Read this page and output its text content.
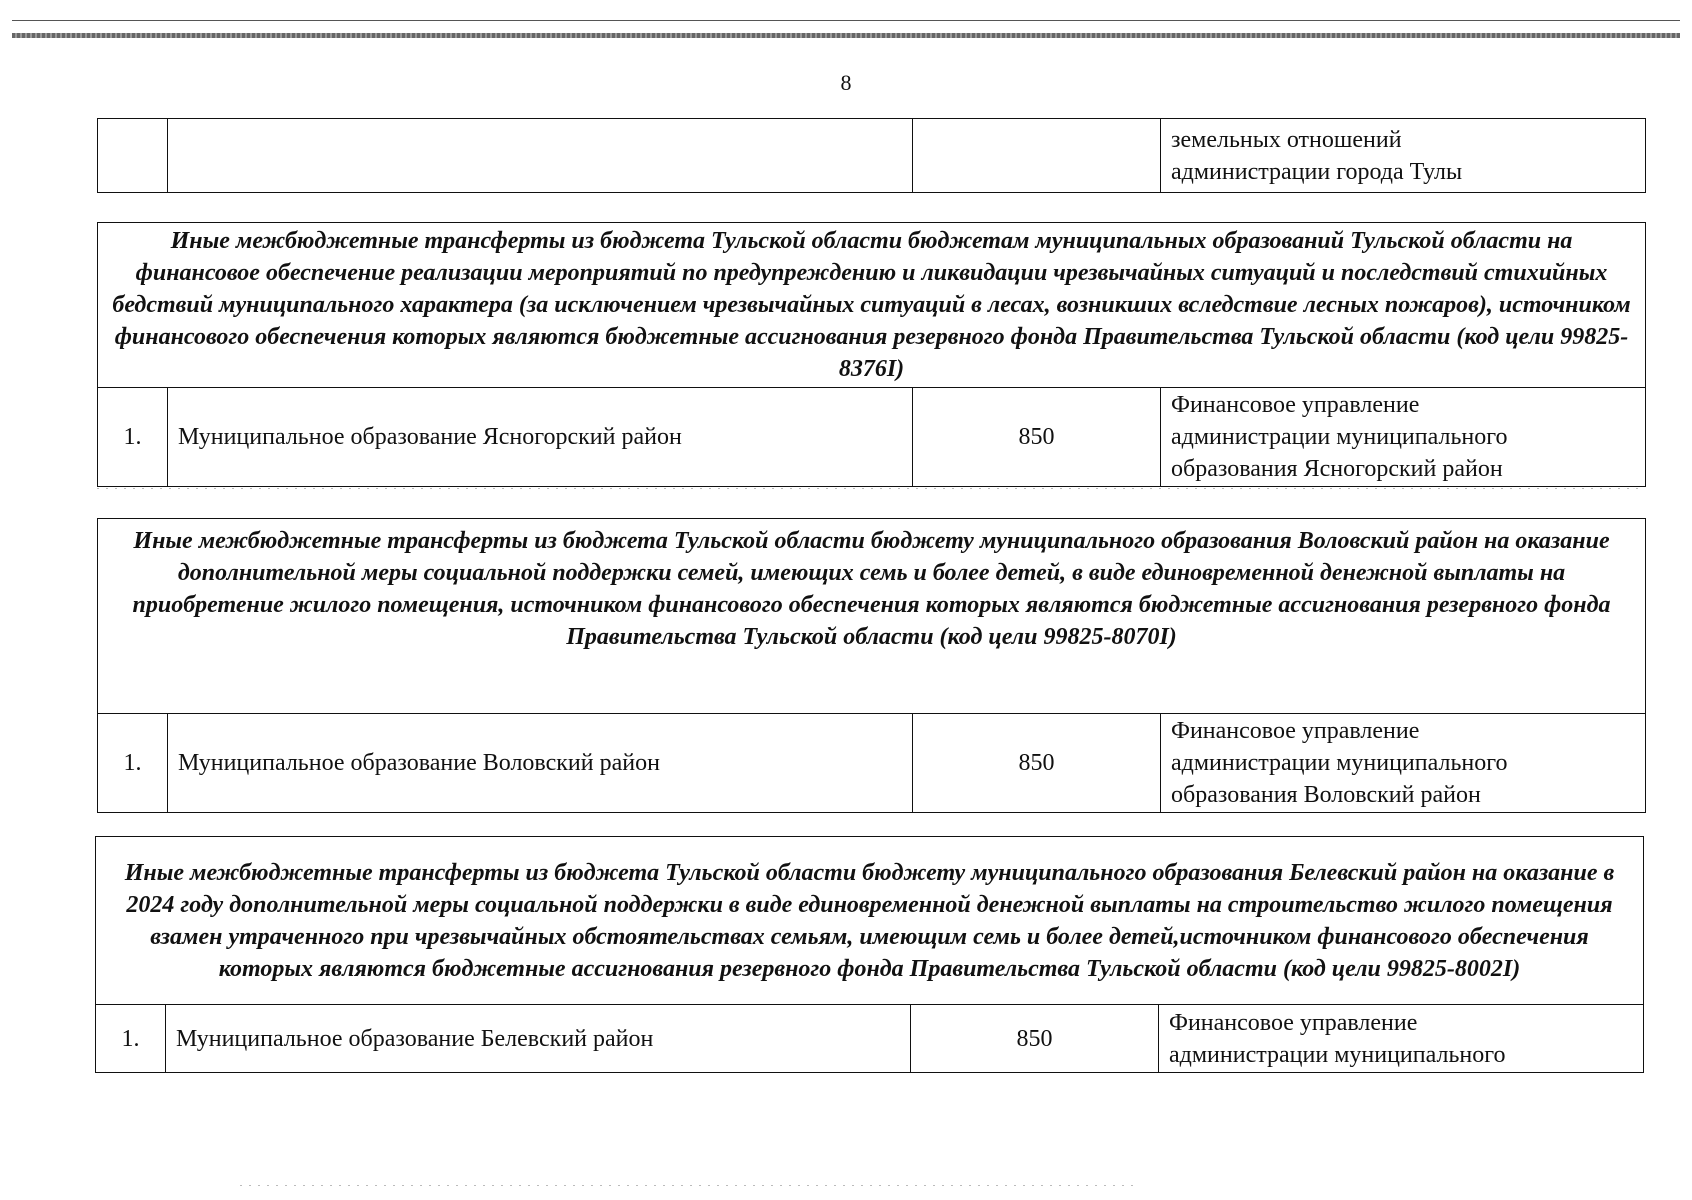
8

земельных отношений
администрации города Тулы
Иные межбюджетные трансферты из бюджета Тульской области бюджетам муниципальных образований Тульской области на финансовое обеспечение реализации мероприятий по предупреждению и ликвидации чрезвычайных ситуаций и последствий стихийных бедствий муниципального характера (за исключением чрезвычайных ситуаций в лесах, возникших вследствие лесных пожаров), источником финансового обеспечения которых являются бюджетные ассигнования резервного фонда Правительства Тульской области (код цели 99825-8376I)
1.	Муниципальное образование Ясногорский район	850	
Финансовое управление
администрации муниципального
образования Ясногорский район
Иные межбюджетные трансферты из бюджета Тульской области бюджету муниципального образования Воловский район на оказание дополнительной меры социальной поддержки семей, имеющих семь и более детей, в виде единовременной денежной выплаты на приобретение жилого помещения, источником финансового обеспечения которых являются бюджетные ассигнования резервного фонда Правительства Тульской области (код цели 99825-8070I)
1.	Муниципальное образование Воловский район	850	
Финансовое управление
администрации муниципального
образования Воловский район
Иные межбюджетные трансферты из бюджета Тульской области бюджету муниципального образования Белевский район на оказание в 2024 году дополнительной меры социальной поддержки в виде единовременной денежной выплаты на строительство жилого помещения взамен утраченного при чрезвычайных обстоятельствах семьям, имеющим семь и более детей,источником финансового обеспечения которых являются бюджетные ассигнования резервного фонда Правительства Тульской области (код цели 99825-8002I)
1.	Муниципальное образование Белевский район	850	
Финансовое управление
администрации муниципального
